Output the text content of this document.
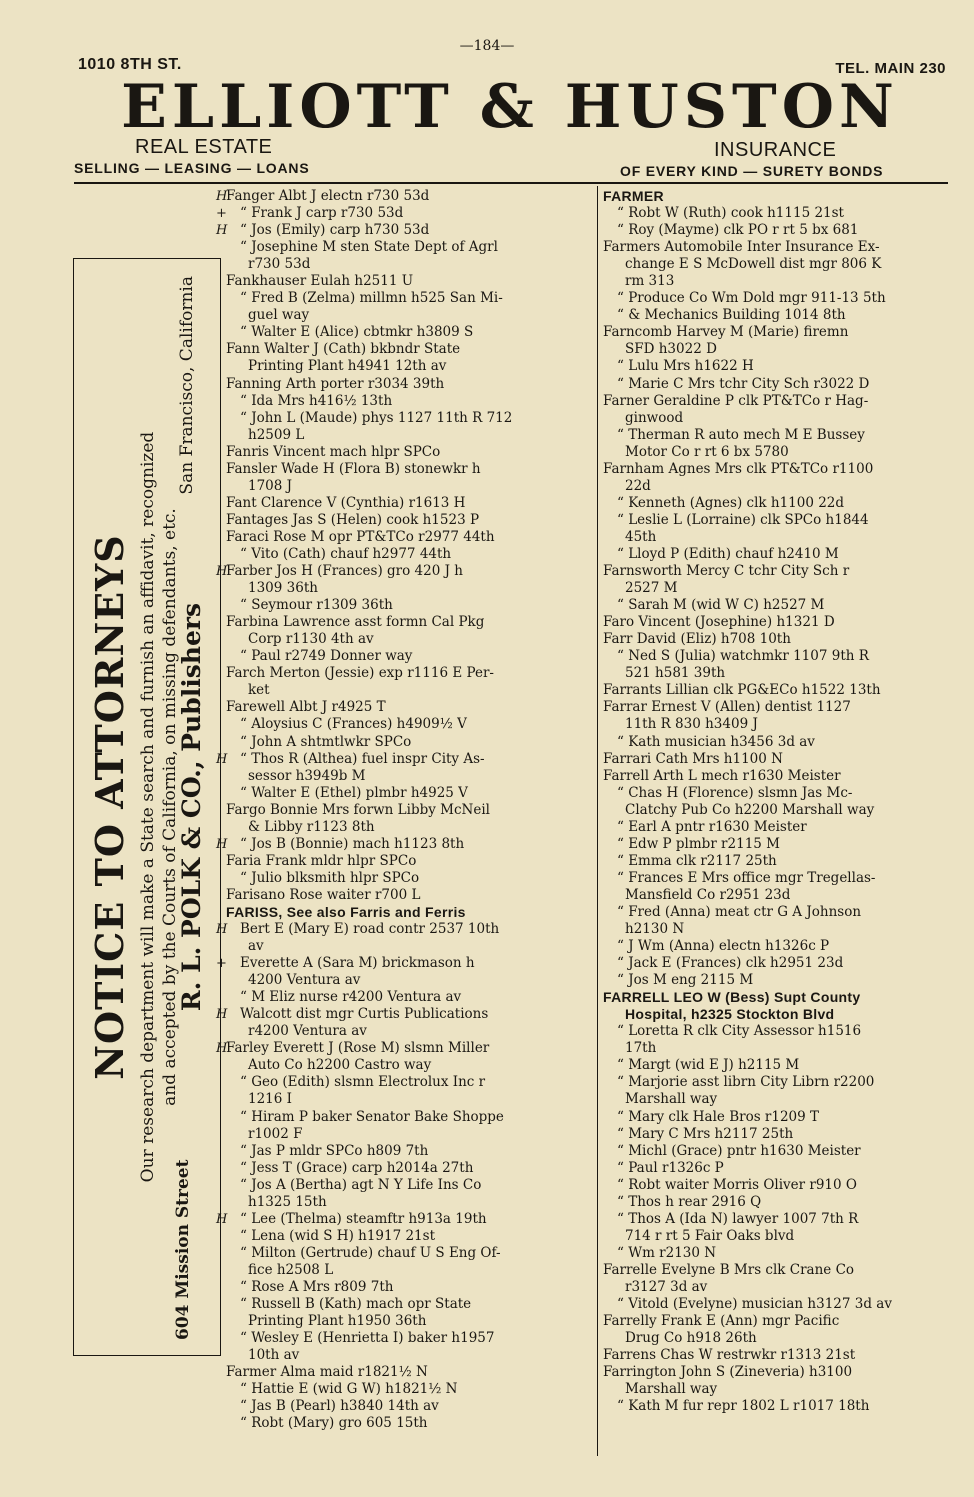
—184—
1010 8TH ST.	TEL. MAIN 230
ELLIOTT & HUSTON
REAL ESTATE
SELLING — LEASING — LOANS
INSURANCE
OF EVERY KIND — SURETY BONDS
NOTICE TO ATTORNEYS Our research department will make a State search and furnish an affidavit, recognized and accepted by the Courts of California, on missing defendants, etc.
604 Mission Street
R. L. POLK & CO., Publishers
San Francisco, California
H
Fanger Albt J electn r730 53d
+ “ Frank J carp r730 53d
H “ Jos (Emily) carp h730 53d
“ Josephine M sten State Dept of Agrl
r730 53d
Fankhauser Eulah h2511 U
“ Fred B (Zelma) millmn h525 San Mi-
guel way
“ Walter E (Alice) cbtmkr h3809 S
Fann Walter J (Cath) bkbndr State
Printing Plant h4941 12th av
Fanning Arth porter r3034 39th
“ Ida Mrs h416½ 13th
“ John L (Maude) phys 1127 11th R 712
h2509 L
Fanris Vincent mach hlpr SPCo
Fansler Wade H (Flora B) stonewkr h
1708 J
Fant Clarence V (Cynthia) r1613 H
Fantages Jas S (Helen) cook h1523 P
Faraci Rose M opr PT&TCo r2977 44th
“ Vito (Cath) chauf h2977 44th
H
Farber Jos H (Frances) gro 420 J h
1309 36th
“ Seymour r1309 36th
Farbina Lawrence asst formn Cal Pkg
Corp r1130 4th av
“ Paul r2749 Donner way
Farch Merton (Jessie) exp r1116 E Per-
ket
Farewell Albt J r4925 T
“ Aloysius C (Frances) h4909½ V
“ John A shtmtlwkr SPCo
H “ Thos R (Althea) fuel inspr City As-
sessor h3949b M
“ Walter E (Ethel) plmbr h4925 V
Fargo Bonnie Mrs forwn Libby McNeil
& Libby r1123 8th
H “ Jos B (Bonnie) mach h1123 8th
Faria Frank mldr hlpr SPCo
“ Julio blksmith hlpr SPCo
Farisano Rose waiter r700 L
FARISS, See also Farris and Ferris
H Bert E (Mary E) road contr 2537 10th
av
+ Everette A (Sara M) brickmason h
4200 Ventura av
“ M Eliz nurse r4200 Ventura av
H Walcott dist mgr Curtis Publications
r4200 Ventura av
H
Farley Everett J (Rose M) slsmn Miller
Auto Co h2200 Castro way
“ Geo (Edith) slsmn Electrolux Inc r
1216 I
“ Hiram P baker Senator Bake Shoppe
r1002 F
“ Jas P mldr SPCo h809 7th
“ Jess T (Grace) carp h2014a 27th
“ Jos A (Bertha) agt N Y Life Ins Co
h1325 15th
H “ Lee (Thelma) steamftr h913a 19th
“ Lena (wid S H) h1917 21st
“ Milton (Gertrude) chauf U S Eng Of-
fice h2508 L
“ Rose A Mrs r809 7th
“ Russell B (Kath) mach opr State
Printing Plant h1950 36th
“ Wesley E (Henrietta I) baker h1957
10th av
Farmer Alma maid r1821½ N
“ Hattie E (wid G W) h1821½ N
“ Jas B (Pearl) h3840 14th av
“ Robt (Mary) gro 605 15th
FARMER
“ Robt W (Ruth) cook h1115 21st
“ Roy (Mayme) clk PO r rt 5 bx 681
Farmers Automobile Inter Insurance Ex-
change E S McDowell dist mgr 806 K
rm 313
“ Produce Co Wm Dold mgr 911-13 5th
“ & Mechanics Building 1014 8th
Farncomb Harvey M (Marie) firemn
SFD h3022 D
“ Lulu Mrs h1622 H
“ Marie C Mrs tchr City Sch r3022 D
Farner Geraldine P clk PT&TCo r Hag-
ginwood
“ Therman R auto mech M E Bussey
Motor Co r rt 6 bx 5780
Farnham Agnes Mrs clk PT&TCo r1100
22d
“ Kenneth (Agnes) clk h1100 22d
“ Leslie L (Lorraine) clk SPCo h1844
45th
“ Lloyd P (Edith) chauf h2410 M
Farnsworth Mercy C tchr City Sch r
2527 M
“ Sarah M (wid W C) h2527 M
Faro Vincent (Josephine) h1321 D
Farr David (Eliz) h708 10th
“ Ned S (Julia) watchmkr 1107 9th R
521 h581 39th
Farrants Lillian clk PG&ECo h1522 13th
Farrar Ernest V (Allen) dentist 1127
11th R 830 h3409 J
“ Kath musician h3456 3d av
Farrari Cath Mrs h1100 N
Farrell Arth L mech r1630 Meister
“ Chas H (Florence) slsmn Jas Mc-
Clatchy Pub Co h2200 Marshall way
“ Earl A pntr r1630 Meister
“ Edw P plmbr r2115 M
“ Emma clk r2117 25th
“ Frances E Mrs office mgr Tregellas-
Mansfield Co r2951 23d
“ Fred (Anna) meat ctr G A Johnson
h2130 N
“ J Wm (Anna) electn h1326c P
“ Jack E (Frances) clk h2951 23d
“ Jos M eng 2115 M
FARRELL LEO W (Bess) Supt County
Hospital, h2325 Stockton Blvd
“ Loretta R clk City Assessor h1516
17th
“ Margt (wid E J) h2115 M
“ Marjorie asst librn City Librn r2200
Marshall way
“ Mary clk Hale Bros r1209 T
“ Mary C Mrs h2117 25th
“ Michl (Grace) pntr h1630 Meister
“ Paul r1326c P
“ Robt waiter Morris Oliver r910 O
“ Thos h rear 2916 Q
“ Thos A (Ida N) lawyer 1007 7th R
714 r rt 5 Fair Oaks blvd
“ Wm r2130 N
Farrelle Evelyne B Mrs clk Crane Co
r3127 3d av
“ Vitold (Evelyne) musician h3127 3d av
Farrelly Frank E (Ann) mgr Pacific
Drug Co h918 26th
Farrens Chas W restrwkr r1313 21st
Farrington John S (Zineveria) h3100
Marshall way
“ Kath M fur repr 1802 L r1017 18th
